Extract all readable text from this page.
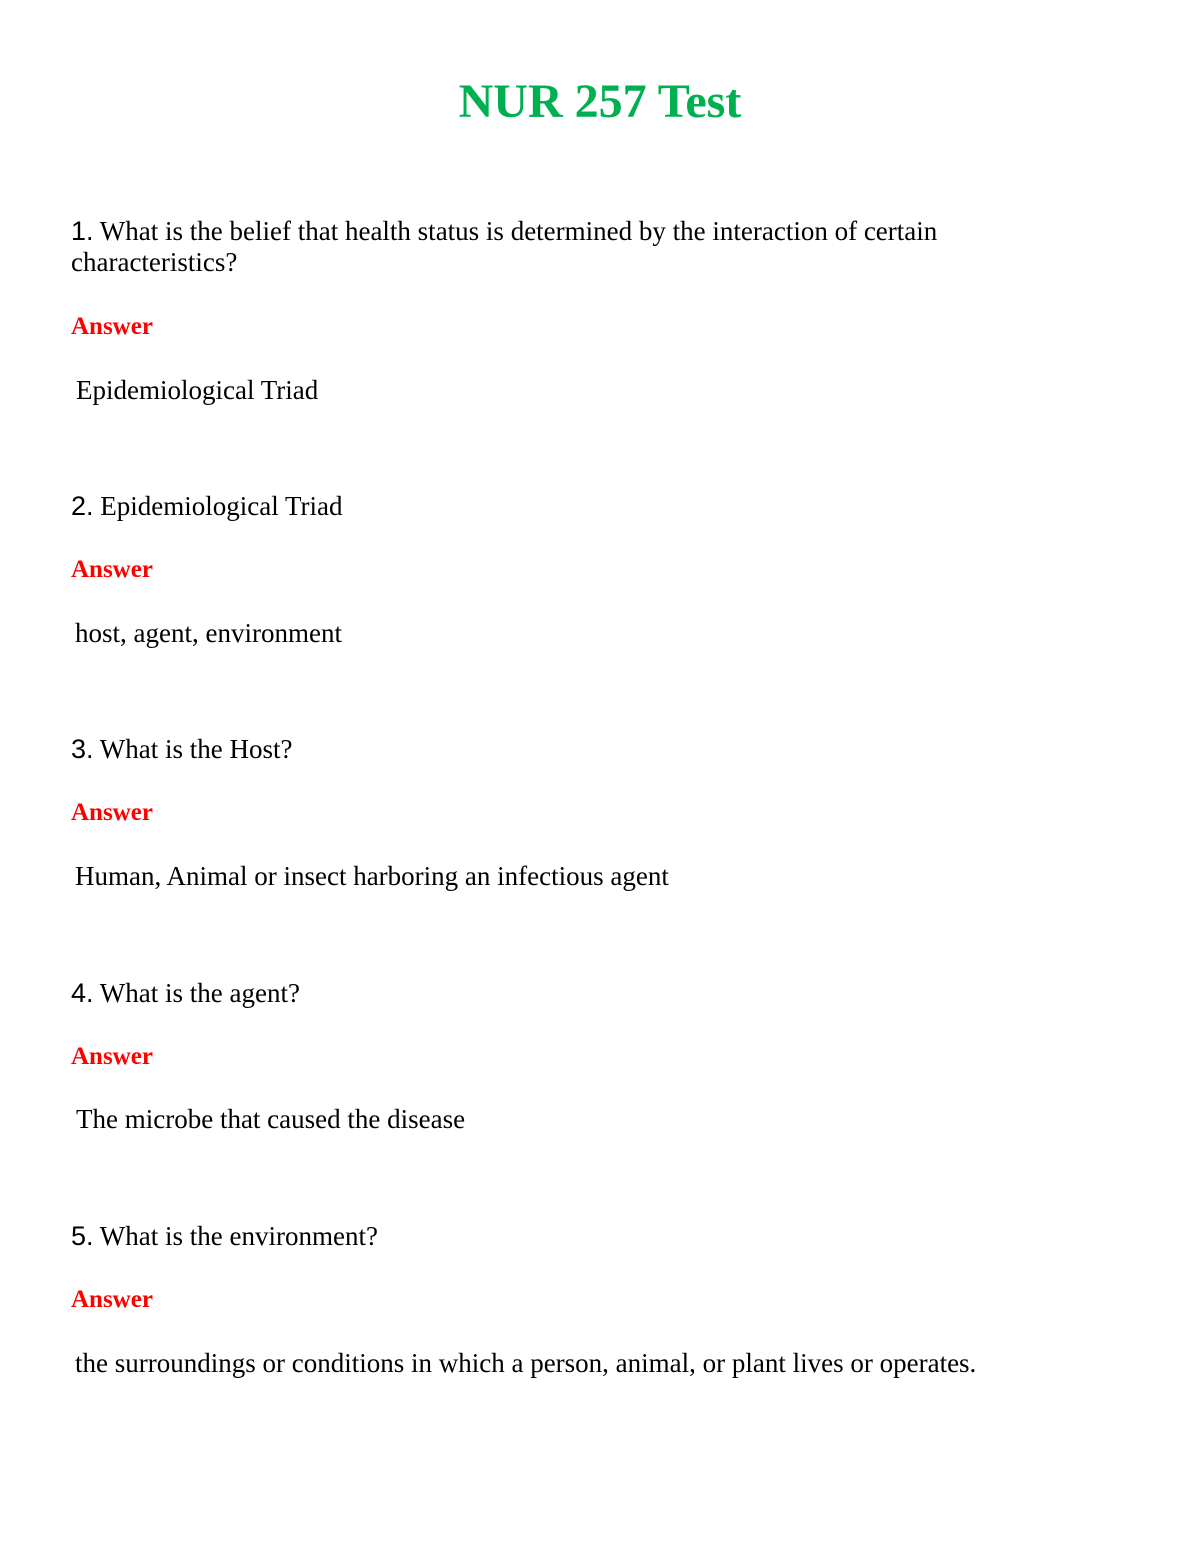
NUR 257 Test

1. What is the belief that health status is determined by the interaction of certain characteristics?

Answer

Epidemiological Triad

2. Epidemiological Triad

Answer

host, agent, environment

3. What is the Host?

Answer

Human, Animal or insect harboring an infectious agent

4. What is the agent?

Answer

The microbe that caused the disease

5. What is the environment?

Answer

the surroundings or conditions in which a person, animal, or plant lives or operates.
